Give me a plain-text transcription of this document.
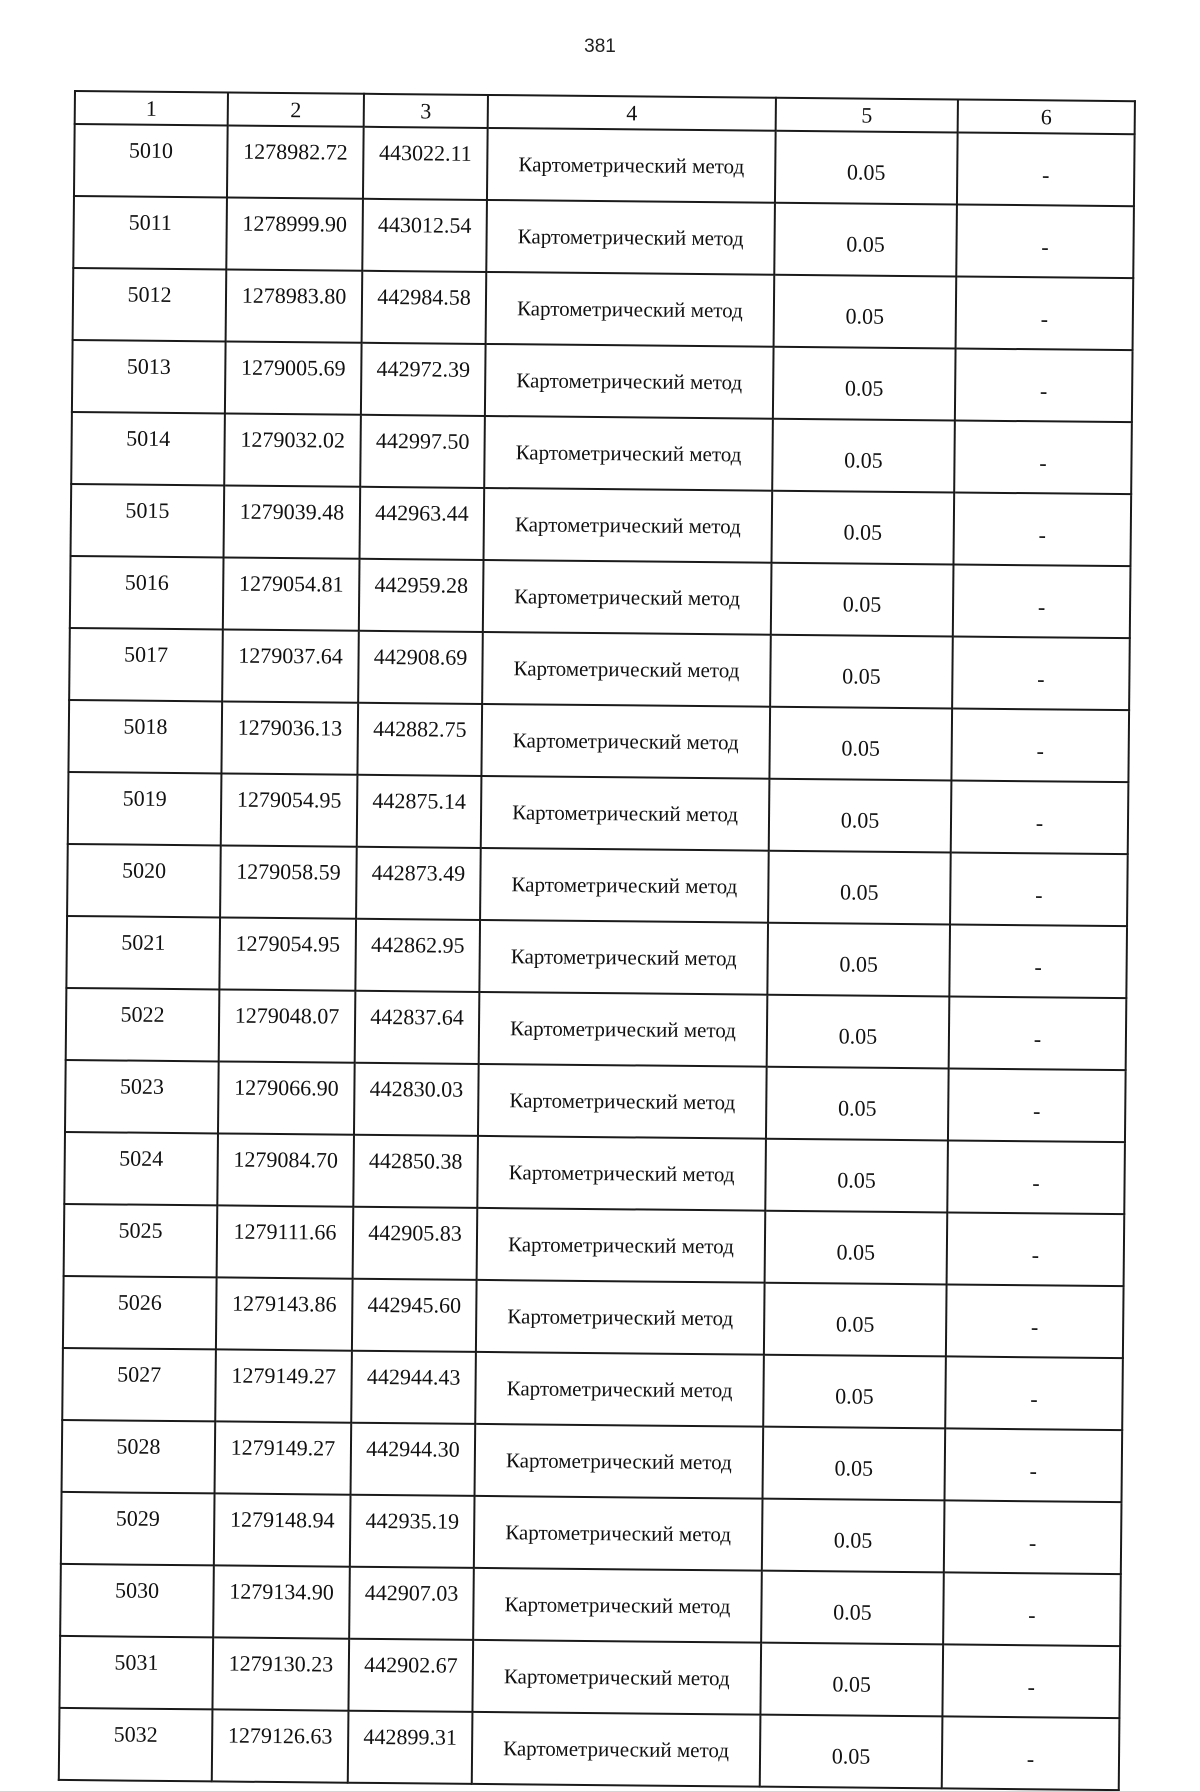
381
1	2	3	4	5	6
5010	1278982.72	443022.11	Картометрический метод	0.05	-
5011	1278999.90	443012.54	Картометрический метод	0.05	-
5012	1278983.80	442984.58	Картометрический метод	0.05	-
5013	1279005.69	442972.39	Картометрический метод	0.05	-
5014	1279032.02	442997.50	Картометрический метод	0.05	-
5015	1279039.48	442963.44	Картометрический метод	0.05	-
5016	1279054.81	442959.28	Картометрический метод	0.05	-
5017	1279037.64	442908.69	Картометрический метод	0.05	-
5018	1279036.13	442882.75	Картометрический метод	0.05	-
5019	1279054.95	442875.14	Картометрический метод	0.05	-
5020	1279058.59	442873.49	Картометрический метод	0.05	-
5021	1279054.95	442862.95	Картометрический метод	0.05	-
5022	1279048.07	442837.64	Картометрический метод	0.05	-
5023	1279066.90	442830.03	Картометрический метод	0.05	-
5024	1279084.70	442850.38	Картометрический метод	0.05	-
5025	1279111.66	442905.83	Картометрический метод	0.05	-
5026	1279143.86	442945.60	Картометрический метод	0.05	-
5027	1279149.27	442944.43	Картометрический метод	0.05	-
5028	1279149.27	442944.30	Картометрический метод	0.05	-
5029	1279148.94	442935.19	Картометрический метод	0.05	-
5030	1279134.90	442907.03	Картометрический метод	0.05	-
5031	1279130.23	442902.67	Картометрический метод	0.05	-
5032	1279126.63	442899.31	Картометрический метод	0.05	-
